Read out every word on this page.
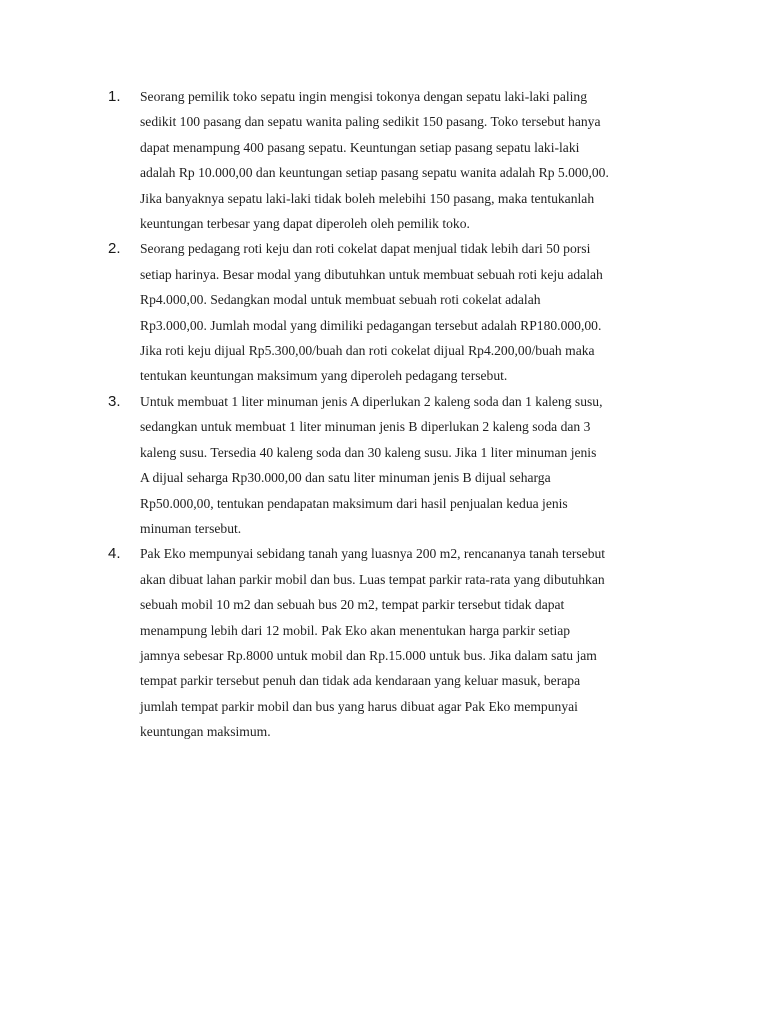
1.	Seorang pemilik toko sepatu ingin mengisi tokonya dengan sepatu laki-laki paling
sedikit 100 pasang dan sepatu wanita paling sedikit 150 pasang. Toko tersebut hanya
dapat menampung 400 pasang sepatu. Keuntungan setiap pasang sepatu laki-laki
adalah Rp 10.000,00 dan keuntungan setiap pasang sepatu wanita adalah Rp 5.000,00.
Jika banyaknya sepatu laki-laki tidak boleh melebihi 150 pasang, maka tentukanlah
keuntungan terbesar yang dapat diperoleh oleh pemilik toko.

2.	Seorang pedagang roti keju dan roti cokelat dapat menjual tidak lebih dari 50 porsi
setiap harinya. Besar modal yang dibutuhkan untuk membuat sebuah roti keju adalah
Rp4.000,00. Sedangkan modal untuk membuat sebuah roti cokelat adalah
Rp3.000,00. Jumlah modal yang dimiliki pedagangan tersebut adalah RP180.000,00.
Jika roti keju dijual Rp5.300,00/buah dan roti cokelat dijual Rp4.200,00/buah maka
tentukan keuntungan maksimum yang diperoleh pedagang tersebut.

3.	Untuk membuat 1 liter minuman jenis A diperlukan 2 kaleng soda dan 1 kaleng susu,
sedangkan untuk membuat 1 liter minuman jenis B diperlukan 2 kaleng soda dan 3
kaleng susu. Tersedia 40 kaleng soda dan 30 kaleng susu. Jika 1 liter minuman jenis
A dijual seharga Rp30.000,00 dan satu liter minuman jenis B dijual seharga
Rp50.000,00, tentukan pendapatan maksimum dari hasil penjualan kedua jenis
minuman tersebut.

4.	Pak Eko mempunyai sebidang tanah yang luasnya 200 m2, rencananya tanah tersebut
akan dibuat lahan parkir mobil dan bus. Luas tempat parkir rata-rata yang dibutuhkan
sebuah mobil 10 m2 dan sebuah bus 20 m2, tempat parkir tersebut tidak dapat
menampung lebih dari 12 mobil. Pak Eko akan menentukan harga parkir setiap
jamnya sebesar Rp.8000 untuk mobil dan Rp.15.000 untuk bus. Jika dalam satu jam
tempat parkir tersebut penuh dan tidak ada kendaraan yang keluar masuk, berapa
jumlah tempat parkir mobil dan bus yang harus dibuat agar Pak Eko mempunyai
keuntungan maksimum.
